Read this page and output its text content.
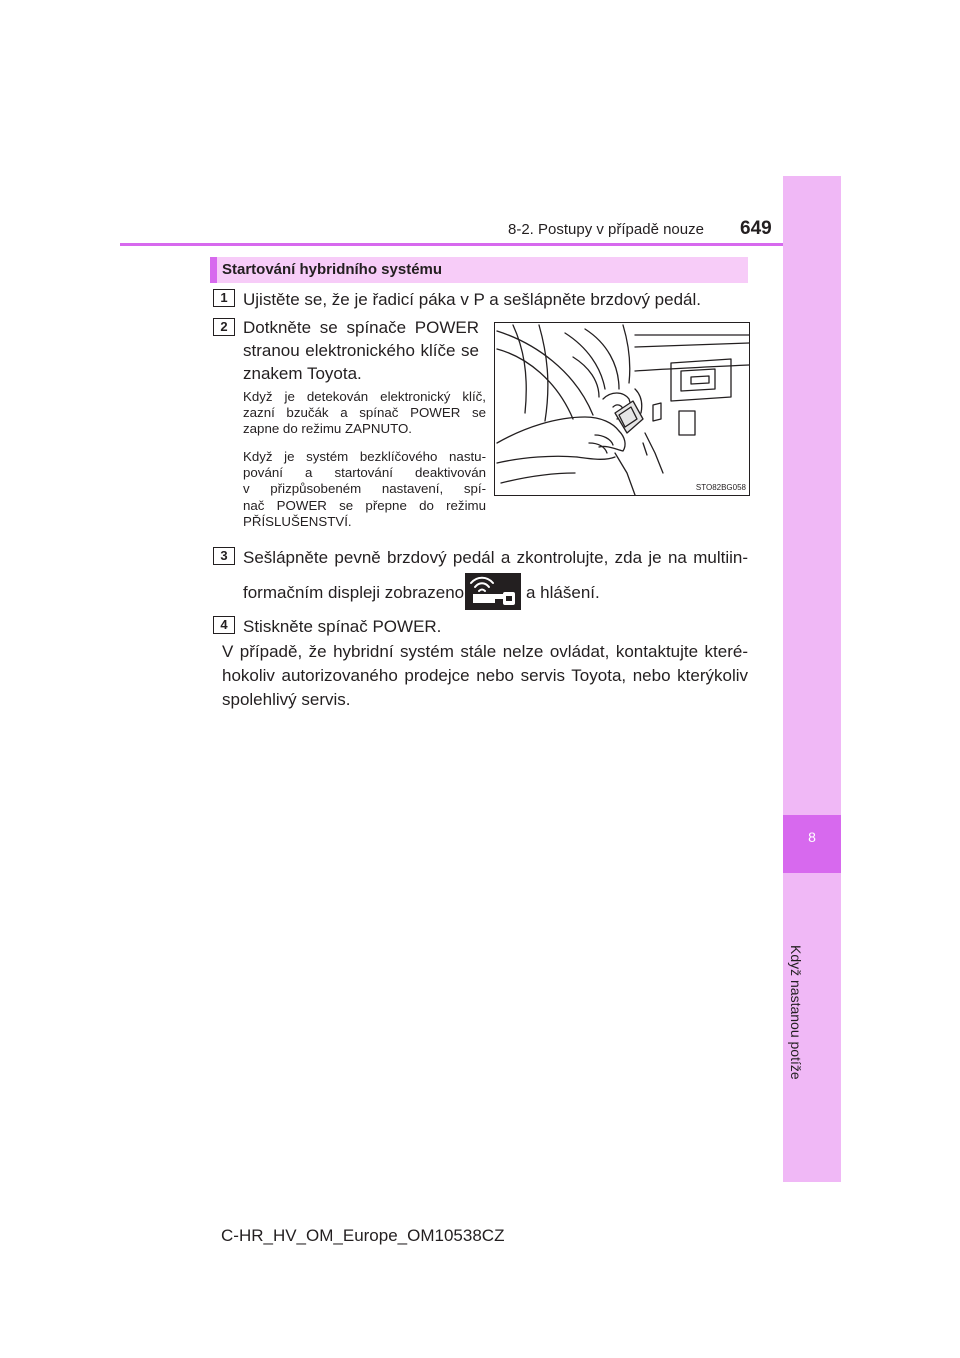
8
Když nastanou potíže
8-2. Postupy v případě nouze 649
Startování hybridního systému
1 Ujistěte se, že je řadicí páka v P a sešlápněte brzdový pedál.
2 Dotkněte se spínače POWER
stranou elektronického klíče se
znakem Toyota.
Když je detekován elektronický klíč,
zazní bzučák a spínač POWER se
zapne do režimu ZAPNUTO.
Když je systém bezklíčového nastu-
pování a startování deaktivován
v přizpůsobeném nastavení, spí-
nač POWER se přepne do režimu
PŘÍSLUŠENSTVÍ.
STO82BG058
3 Sešlápněte pevně brzdový pedál a zkontrolujte, zda je na multiin-
formačním displeji zobrazeno	a hlášení.
4 Stiskněte spínač POWER.
V případě, že hybridní systém stále nelze ovládat, kontaktujte které-
hokoliv autorizovaného prodejce nebo servis Toyota, nebo kterýkoliv
spolehlivý servis.
C-HR_HV_OM_Europe_OM10538CZ
